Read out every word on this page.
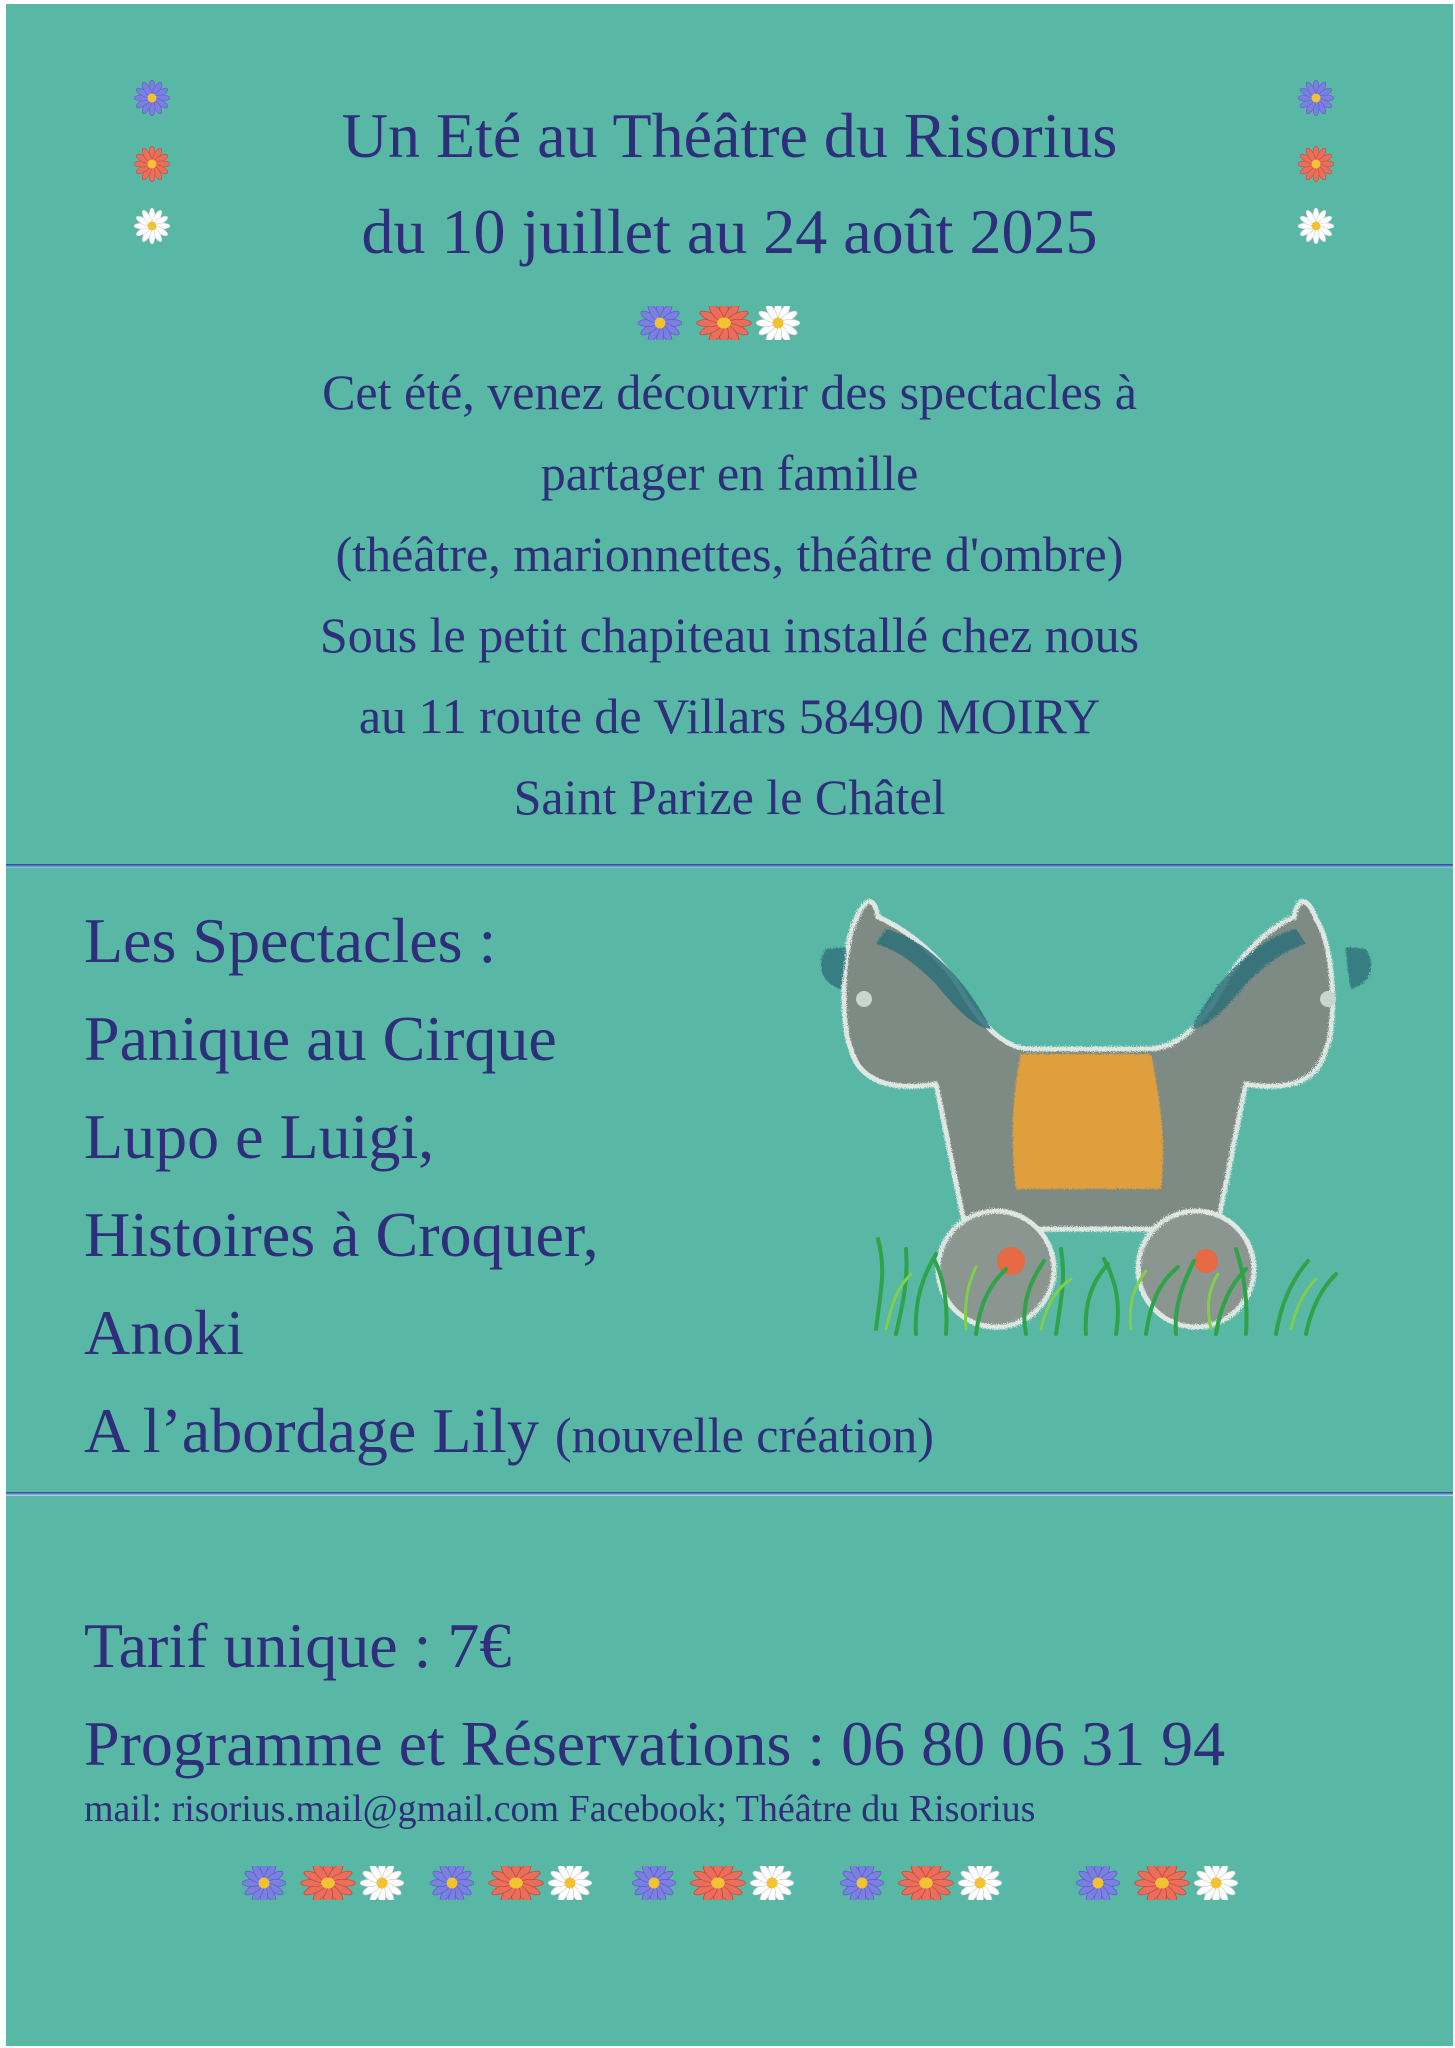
Un Eté au Théâtre du Risorius
du 10 juillet au 24 août 2025
Cet été, venez découvrir des spectacles à
partager en famille
(théâtre, marionnettes, théâtre d'ombre)
Sous le petit chapiteau installé chez nous
au 11 route de Villars 58490 MOIRY
Saint Parize le Châtel
Les Spectacles :
Panique au Cirque
Lupo e Luigi,
Histoires à Croquer,
Anoki
A l’abordage Lily (nouvelle création)
Tarif unique : 7€
Programme et Réservations : 06 80 06 31 94
mail: risorius.mail@gmail.com Facebook; Théâtre du Risorius
